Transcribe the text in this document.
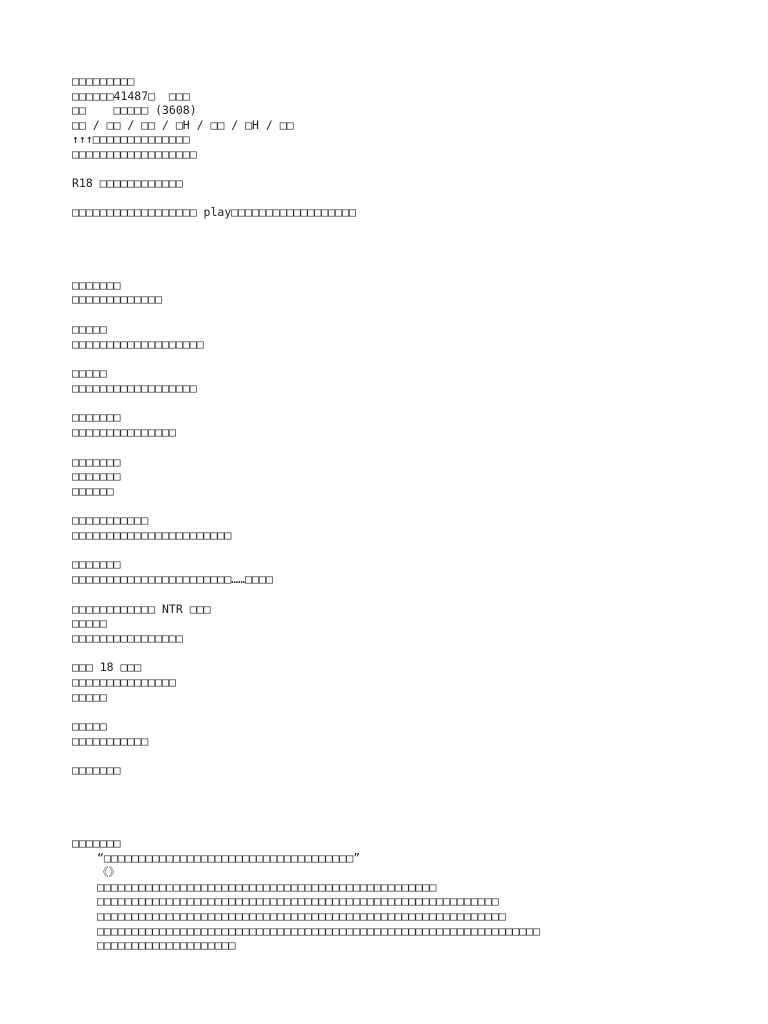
□□□□□□□□□
□□□□□□41487□  □□□
□□    □□□□□ (3608)
□□ / □□ / □□ / □H / □□ / □H / □□
↑↑↑□□□□□□□□□□□□□□
□□□□□□□□□□□□□□□□□□
R18 □□□□□□□□□□□□
□□□□□□□□□□□□□□□□□□ play□□□□□□□□□□□□□□□□□□
□□□□□□□
□□□□□□□□□□□□□
□□□□□
□□□□□□□□□□□□□□□□□□□
□□□□□
□□□□□□□□□□□□□□□□□□
□□□□□□□
□□□□□□□□□□□□□□□
□□□□□□□
□□□□□□□
□□□□□□
□□□□□□□□□□□
□□□□□□□□□□□□□□□□□□□□□□□
□□□□□□□
□□□□□□□□□□□□□□□□□□□□□□□……□□□□
□□□□□□□□□□□□ NTR □□□
□□□□□
□□□□□□□□□□□□□□□□
□□□ 18 □□□
□□□□□□□□□□□□□□□
□□□□□
□□□□□
□□□□□□□□□□□
□□□□□□□
□□□□□□□
“□□□□□□□□□□□□□□□□□□□□□□□□□□□□□□□□□□□□”
《》
□□□□□□□□□□□□□□□□□□□□□□□□□□□□□□□□□□□□□□□□□□□□□□□□□
□□□□□□□□□□□□□□□□□□□□□□□□□□□□□□□□□□□□□□□□□□□□□□□□□□□□□□□□□□
□□□□□□□□□□□□□□□□□□□□□□□□□□□□□□□□□□□□□□□□□□□□□□□□□□□□□□□□□□□
□□□□□□□□□□□□□□□□□□□□□□□□□□□□□□□□□□□□□□□□□□□□□□□□□□□□□□□□□□□□□□□□
□□□□□□□□□□□□□□□□□□□□
